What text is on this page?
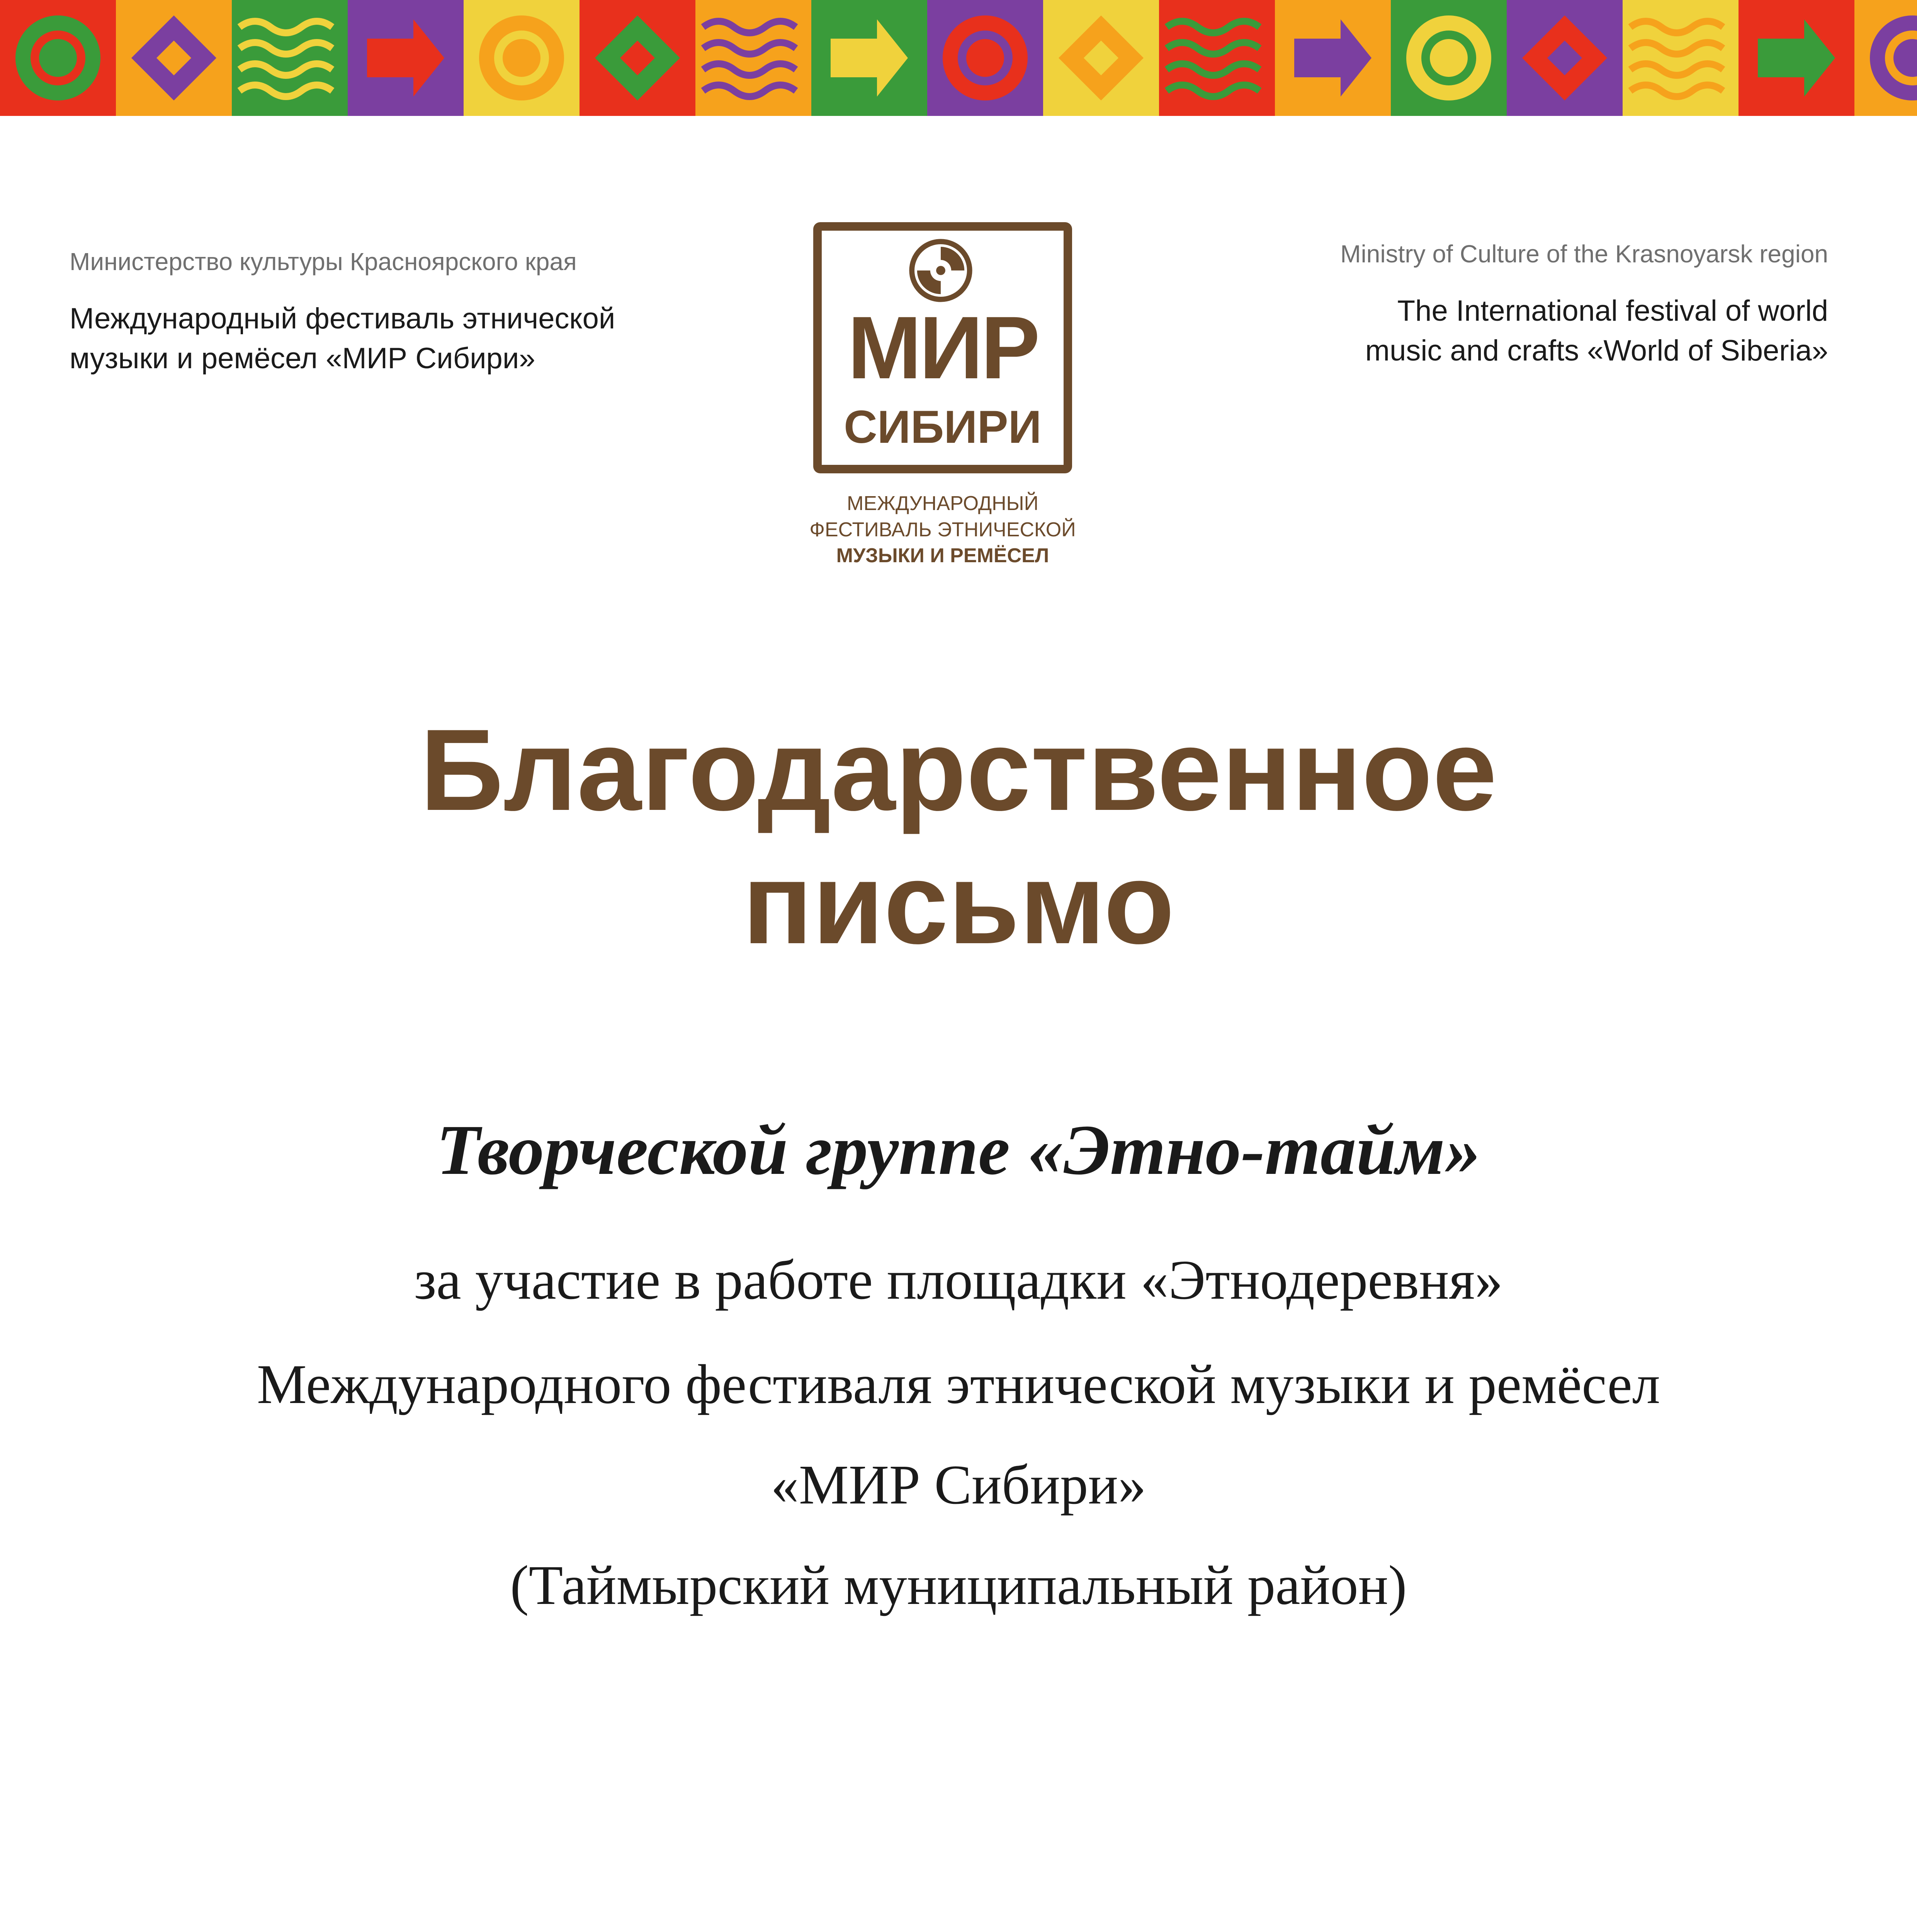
Министерство культуры Красноярского края
Международный фестиваль этнической
музыки и ремёсел «МИР Сибири»
Ministry of Culture of the Krasnoyarsk region
The International festival of world
music and crafts «World of Siberia»
МИР
СИБИРИ
МЕЖДУНАРОДНЫЙ
ФЕСТИВАЛЬ ЭТНИЧЕСКОЙ
МУЗЫКИ И РЕМЁСЕЛ
Благодарственное
письмо
Творческой группе «Этно-тайм»
за участие в работе площадки «Этнодеревня»
Международного фестиваля этнической музыки и ремёсел
«МИР Сибири»
(Таймырский муниципальный район)
